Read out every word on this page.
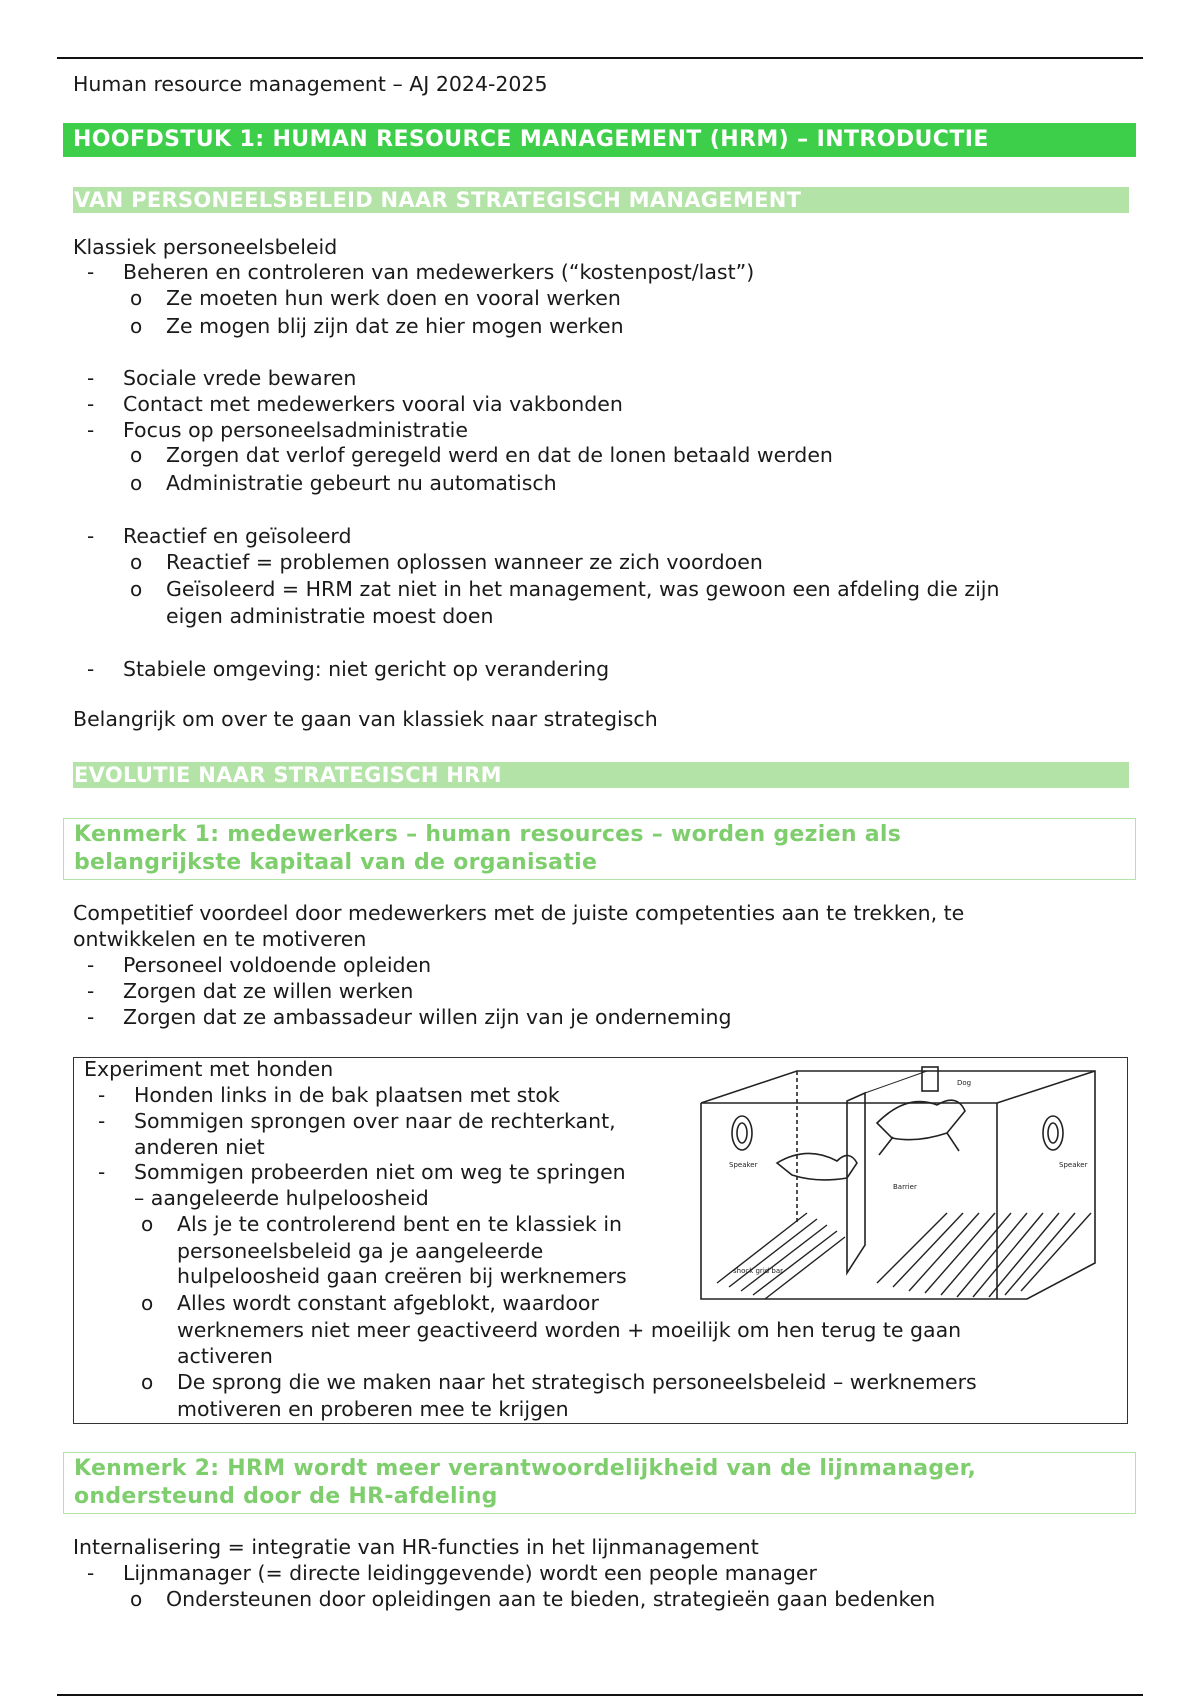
Human resource management – AJ 2024-2025
HOOFDSTUK 1: HUMAN RESOURCE MANAGEMENT (HRM) – INTRODUCTIE
VAN PERSONEELSBELEID NAAR STRATEGISCH MANAGEMENT
Klassiek personeelsbeleid
- Beheren en controleren van medewerkers (“kostenpost/last”)
o Ze moeten hun werk doen en vooral werken
o Ze mogen blij zijn dat ze hier mogen werken
- Sociale vrede bewaren
- Contact met medewerkers vooral via vakbonden
- Focus op personeelsadministratie
o Zorgen dat verlof geregeld werd en dat de lonen betaald werden
o Administratie gebeurt nu automatisch
- Reactief en geïsoleerd
o Reactief = problemen oplossen wanneer ze zich voordoen
o Geïsoleerd = HRM zat niet in het management, was gewoon een afdeling die zijn
eigen administratie moest doen
- Stabiele omgeving: niet gericht op verandering
Belangrijk om over te gaan van klassiek naar strategisch
EVOLUTIE NAAR STRATEGISCH HRM
Kenmerk 1: medewerkers – human resources – worden gezien als
belangrijkste kapitaal van de organisatie
Competitief voordeel door medewerkers met de juiste competenties aan te trekken, te
ontwikkelen en te motiveren
- Personeel voldoende opleiden
- Zorgen dat ze willen werken
- Zorgen dat ze ambassadeur willen zijn van je onderneming
Experiment met honden
- Honden links in de bak plaatsen met stok
- Sommigen sprongen over naar de rechterkant,
anderen niet
- Sommigen probeerden niet om weg te springen
– aangeleerde hulpeloosheid
o Als je te controlerend bent en te klassiek in
personeelsbeleid ga je aangeleerde
hulpeloosheid gaan creëren bij werknemers
o Alles wordt constant afgeblokt, waardoor
werknemers niet meer geactiveerd worden + moeilijk om hen terug te gaan
activeren
o De sprong die we maken naar het strategisch personeelsbeleid – werknemers
motiveren en proberen mee te krijgen
Dog
Speaker	Speaker
Barrier
shock grid bar
Kenmerk 2: HRM wordt meer verantwoordelijkheid van de lijnmanager,
ondersteund door de HR-afdeling
Internalisering = integratie van HR-functies in het lijnmanagement
- Lijnmanager (= directe leidinggevende) wordt een people manager
o Ondersteunen door opleidingen aan te bieden, strategieën gaan bedenken
